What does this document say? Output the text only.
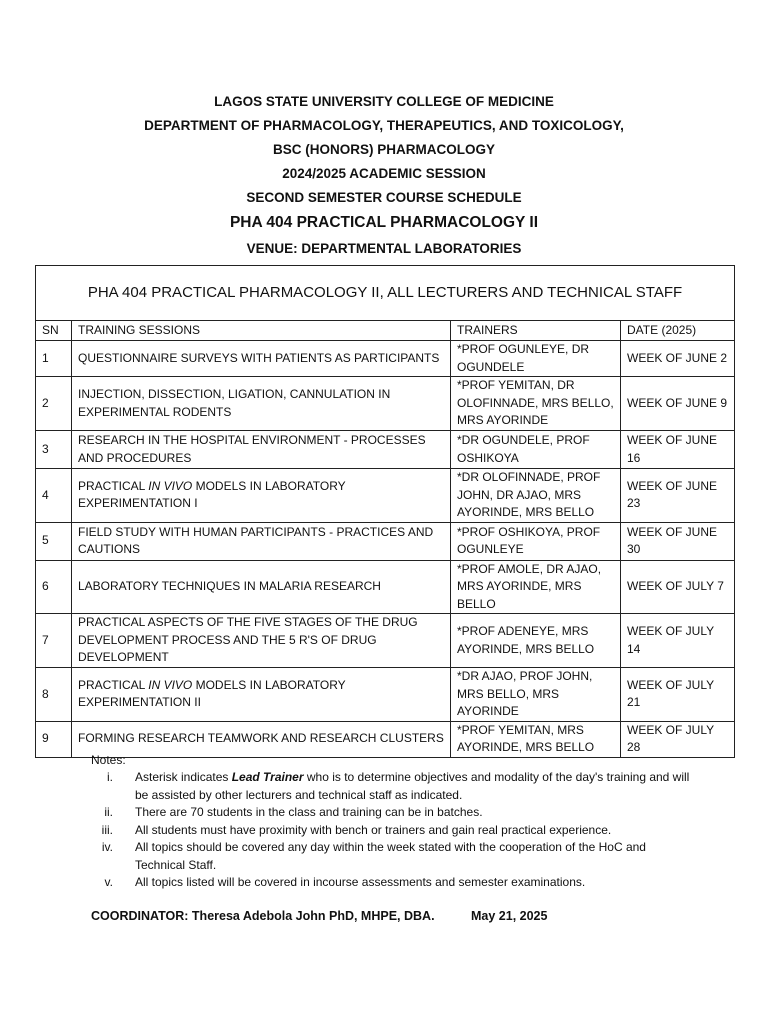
LAGOS STATE UNIVERSITY COLLEGE OF MEDICINE
DEPARTMENT OF PHARMACOLOGY, THERAPEUTICS, AND TOXICOLOGY,
BSC (HONORS) PHARMACOLOGY
2024/2025 ACADEMIC SESSION
SECOND SEMESTER COURSE SCHEDULE
PHA 404 PRACTICAL PHARMACOLOGY II
VENUE: DEPARTMENTAL LABORATORIES
PHA 404 PRACTICAL PHARMACOLOGY II, ALL LECTURERS AND TECHNICAL STAFF			
SN	TRAINING SESSIONS	TRAINERS	DATE (2025)
1	QUESTIONNAIRE SURVEYS WITH PATIENTS AS PARTICIPANTS	*PROF OGUNLEYE, DR OGUNDELE	WEEK OF JUNE 2
2	INJECTION, DISSECTION, LIGATION, CANNULATION IN EXPERIMENTAL RODENTS	*PROF YEMITAN, DR OLOFINNADE, MRS BELLO, MRS AYORINDE	WEEK OF JUNE 9
3	RESEARCH IN THE HOSPITAL ENVIRONMENT - PROCESSES AND PROCEDURES	*DR OGUNDELE, PROF OSHIKOYA	WEEK OF JUNE 16
4	PRACTICAL IN VIVO MODELS IN LABORATORY EXPERIMENTATION I	*DR OLOFINNADE, PROF JOHN, DR AJAO, MRS AYORINDE, MRS BELLO	WEEK OF JUNE 23
5	FIELD STUDY WITH HUMAN PARTICIPANTS - PRACTICES AND CAUTIONS	*PROF OSHIKOYA, PROF OGUNLEYE	WEEK OF JUNE 30
6	LABORATORY TECHNIQUES IN MALARIA RESEARCH	*PROF AMOLE, DR AJAO, MRS AYORINDE, MRS BELLO	WEEK OF JULY 7
7	PRACTICAL ASPECTS OF THE FIVE STAGES OF THE DRUG DEVELOPMENT PROCESS AND THE 5 R'S OF DRUG DEVELOPMENT	*PROF ADENEYE, MRS AYORINDE, MRS BELLO	WEEK OF JULY 14
8	PRACTICAL IN VIVO MODELS IN LABORATORY EXPERIMENTATION II	*DR AJAO, PROF JOHN, MRS BELLO, MRS AYORINDE	WEEK OF JULY 21
9	FORMING RESEARCH TEAMWORK AND RESEARCH CLUSTERS	*PROF YEMITAN, MRS AYORINDE, MRS BELLO	WEEK OF JULY 28
Notes:
i. Asterisk indicates Lead Trainer who is to determine objectives and modality of the day's training and will be assisted by other lecturers and technical staff as indicated.
ii. There are 70 students in the class and training can be in batches.
iii. All students must have proximity with bench or trainers and gain real practical experience.
iv. All topics should be covered any day within the week stated with the cooperation of the HoC and Technical Staff.
v. All topics listed will be covered in incourse assessments and semester examinations.
COORDINATOR: Theresa Adebola John PhD, MHPE, DBA.	May 21, 2025
